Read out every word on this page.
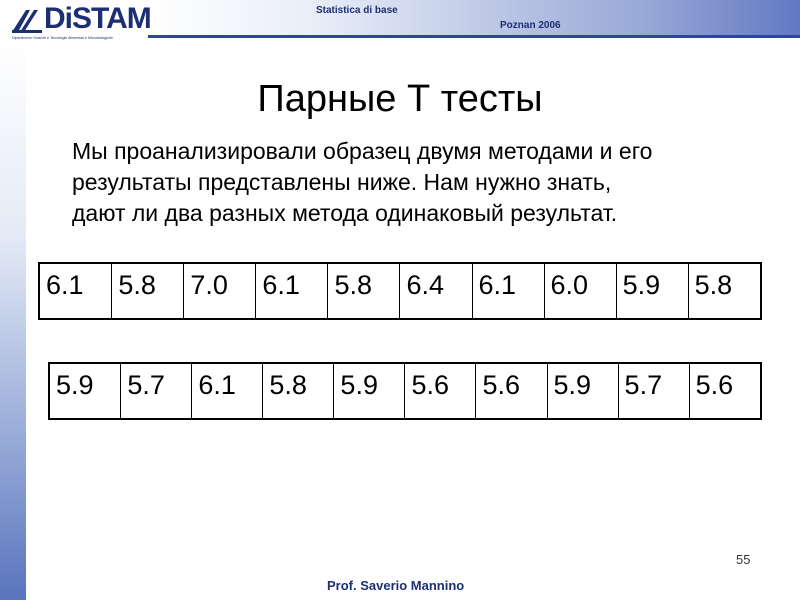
DiSTAM
Dipartimento Scienze e Tecnologie Alimentari e Microbiologiche
Statistica di base
Poznan 2006
Парные Т тесты
Мы проанализировали образец двумя методами и его
результаты представлены ниже. Нам нужно знать,
дают ли два разных метода одинаковый результат.
6.1	5.8	7.0	6.1	5.8	6.4	6.1	6.0	5.9	5.8
5.9	5.7	6.1	5.8	5.9	5.6	5.6	5.9	5.7	5.6
55
Prof. Saverio Mannino
